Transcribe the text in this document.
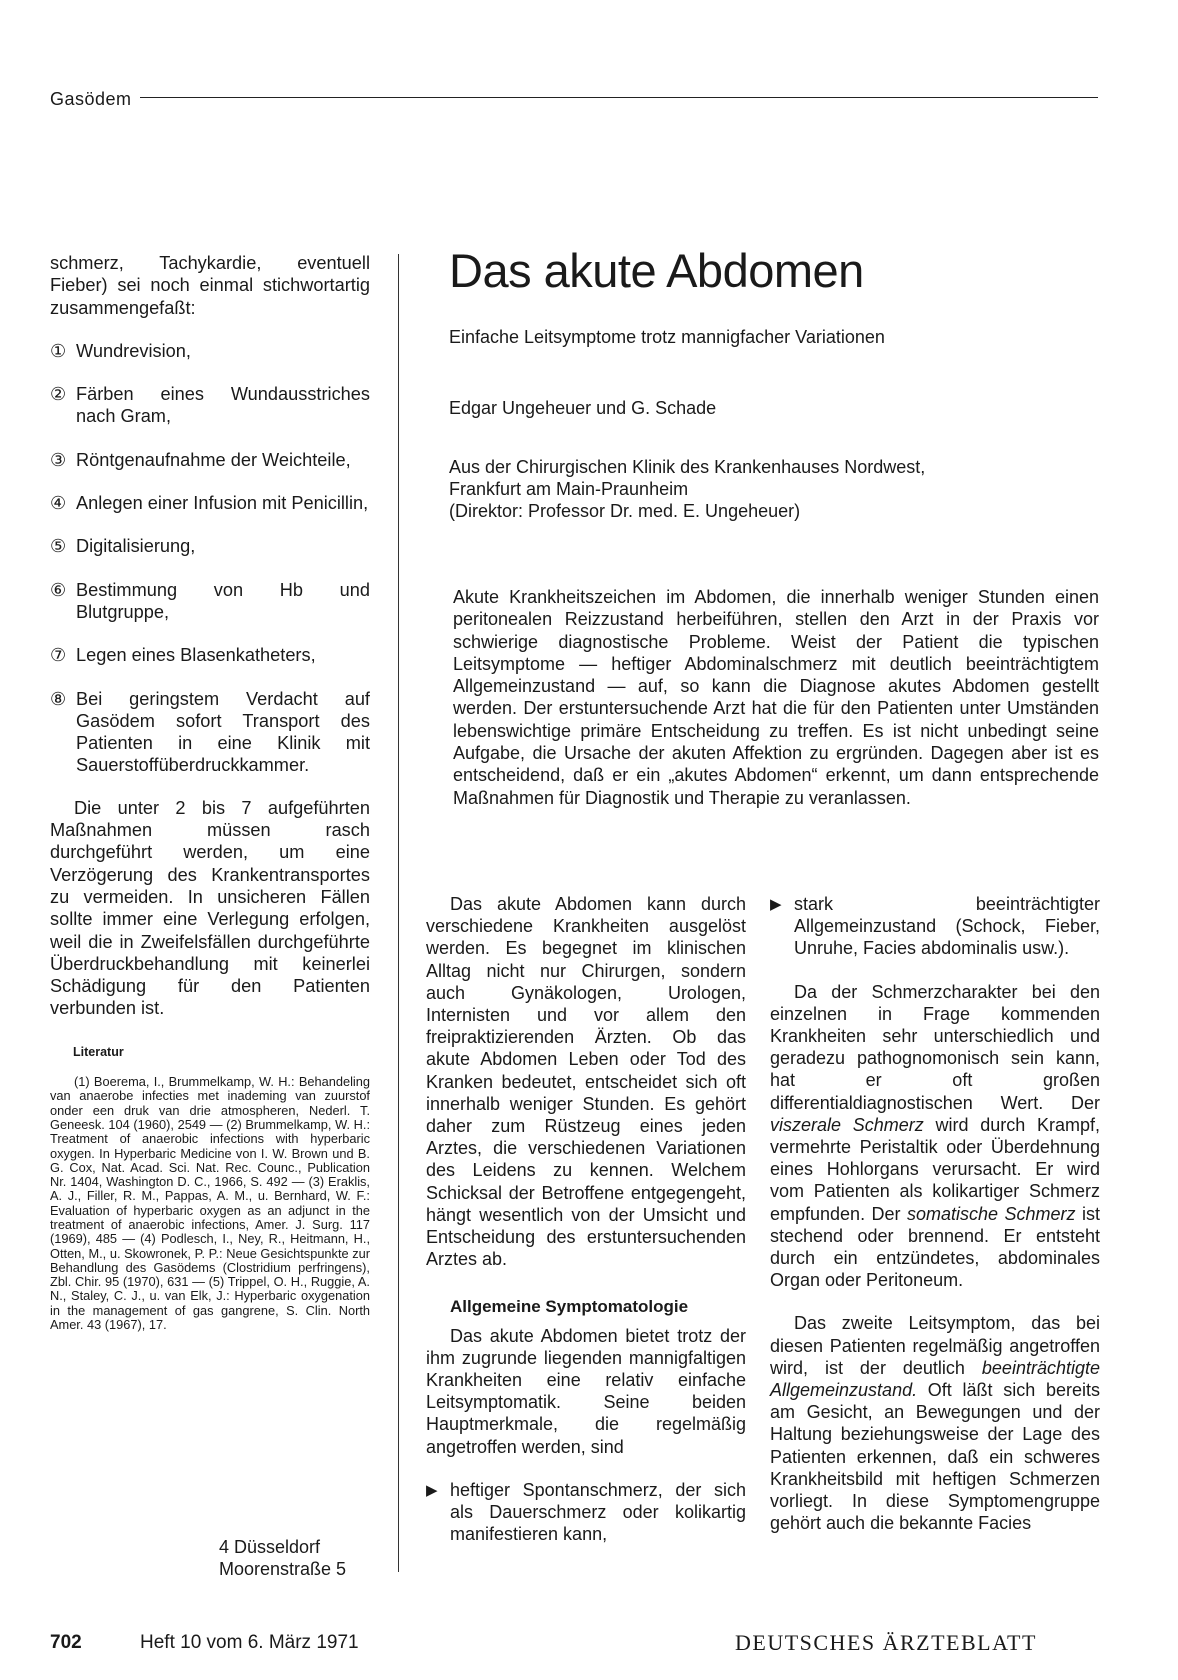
Gasödem
schmerz, Tachykardie, eventuell Fieber) sei noch einmal stichwortartig zusammengefaßt:
① Wundrevision,
② Färben eines Wundausstriches nach Gram,
③ Röntgenaufnahme der Weichteile,
④ Anlegen einer Infusion mit Penicillin,
⑤ Digitalisierung,
⑥ Bestimmung von Hb und Blutgruppe,
⑦ Legen eines Blasenkatheters,
⑧ Bei geringstem Verdacht auf Gasödem sofort Transport des Patienten in eine Klinik mit Sauerstoffüberdruckkammer.
Die unter 2 bis 7 aufgeführten Maßnahmen müssen rasch durchgeführt werden, um eine Verzögerung des Krankentransportes zu vermeiden. In unsicheren Fällen sollte immer eine Verlegung erfolgen, weil die in Zweifelsfällen durchgeführte Überdruckbehandlung mit keinerlei Schädigung für den Patienten verbunden ist.
Literatur
(1) Boerema, I., Brummelkamp, W. H.: Behandeling van anaerobe infecties met inademing van zuurstof onder een druk van drie atmospheren, Nederl. T. Geneesk. 104 (1960), 2549 — (2) Brummelkamp, W. H.: Treatment of anaerobic infections with hyperbaric oxygen. In Hyperbaric Medicine von I. W. Brown und B. G. Cox, Nat. Acad. Sci. Nat. Rec. Counc., Publication Nr. 1404, Washington D. C., 1966, S. 492 — (3) Eraklis, A. J., Filler, R. M., Pappas, A. M., u. Bernhard, W. F.: Evaluation of hyperbaric oxygen as an adjunct in the treatment of anaerobic infections, Amer. J. Surg. 117 (1969), 485 — (4) Podlesch, I., Ney, R., Heitmann, H., Otten, M., u. Skowronek, P. P.: Neue Gesichtspunkte zur Behandlung des Gasödems (Clostridium perfringens), Zbl. Chir. 95 (1970), 631 — (5) Trippel, O. H., Ruggie, A. N., Staley, C. J., u. van Elk, J.: Hyperbaric oxygenation in the management of gas gangrene, S. Clin. North Amer. 43 (1967), 17.
4 Düsseldorf
Moorenstraße 5
Das akute Abdomen
Einfache Leitsymptome trotz mannigfacher Variationen
Edgar Ungeheuer und G. Schade
Aus der Chirurgischen Klinik des Krankenhauses Nordwest,
Frankfurt am Main-Praunheim
(Direktor: Professor Dr. med. E. Ungeheuer)
Akute Krankheitszeichen im Abdomen, die innerhalb weniger Stunden einen peritonealen Reizzustand herbeiführen, stellen den Arzt in der Praxis vor schwierige diagnostische Probleme. Weist der Patient die typischen Leitsymptome — heftiger Abdominalschmerz mit deutlich beeinträchtigtem Allgemeinzustand — auf, so kann die Diagnose akutes Abdomen gestellt werden. Der erstuntersuchende Arzt hat die für den Patienten unter Umständen lebenswichtige primäre Entscheidung zu treffen. Es ist nicht unbedingt seine Aufgabe, die Ursache der akuten Affektion zu ergründen. Dagegen aber ist es entscheidend, daß er ein „akutes Abdomen“ erkennt, um dann entsprechende Maßnahmen für Diagnostik und Therapie zu veranlassen.
Das akute Abdomen kann durch verschiedene Krankheiten ausgelöst werden. Es begegnet im klinischen Alltag nicht nur Chirurgen, sondern auch Gynäkologen, Urologen, Internisten und vor allem den freipraktizierenden Ärzten. Ob das akute Abdomen Leben oder Tod des Kranken bedeutet, entscheidet sich oft innerhalb weniger Stunden. Es gehört daher zum Rüstzeug eines jeden Arztes, die verschiedenen Variationen des Leidens zu kennen. Welchem Schicksal der Betroffene entgegengeht, hängt wesentlich von der Umsicht und Entscheidung des erstuntersuchenden Arztes ab.
Allgemeine Symptomatologie
Das akute Abdomen bietet trotz der ihm zugrunde liegenden mannigfaltigen Krankheiten eine relativ einfache Leitsymptomatik. Seine beiden Hauptmerkmale, die regelmäßig angetroffen werden, sind
▶ heftiger Spontanschmerz, der sich als Dauerschmerz oder kolikartig manifestieren kann,
▶ stark beeinträchtigter Allgemeinzustand (Schock, Fieber, Unruhe, Facies abdominalis usw.).
Da der Schmerzcharakter bei den einzelnen in Frage kommenden Krankheiten sehr unterschiedlich und geradezu pathognomonisch sein kann, hat er oft großen differentialdiagnostischen Wert. Der viszerale Schmerz wird durch Krampf, vermehrte Peristaltik oder Überdehnung eines Hohlorgans verursacht. Er wird vom Patienten als kolikartiger Schmerz empfunden. Der somatische Schmerz ist stechend oder brennend. Er entsteht durch ein entzündetes, abdominales Organ oder Peritoneum.
Das zweite Leitsymptom, das bei diesen Patienten regelmäßig angetroffen wird, ist der deutlich beeinträchtigte Allgemeinzustand. Oft läßt sich bereits am Gesicht, an Bewegungen und der Haltung beziehungsweise der Lage des Patienten erkennen, daß ein schweres Krankheitsbild mit heftigen Schmerzen vorliegt. In diese Symptomengruppe gehört auch die bekannte Facies
702	Heft 10 vom 6. März 1971	DEUTSCHES ÄRZTEBLATT
